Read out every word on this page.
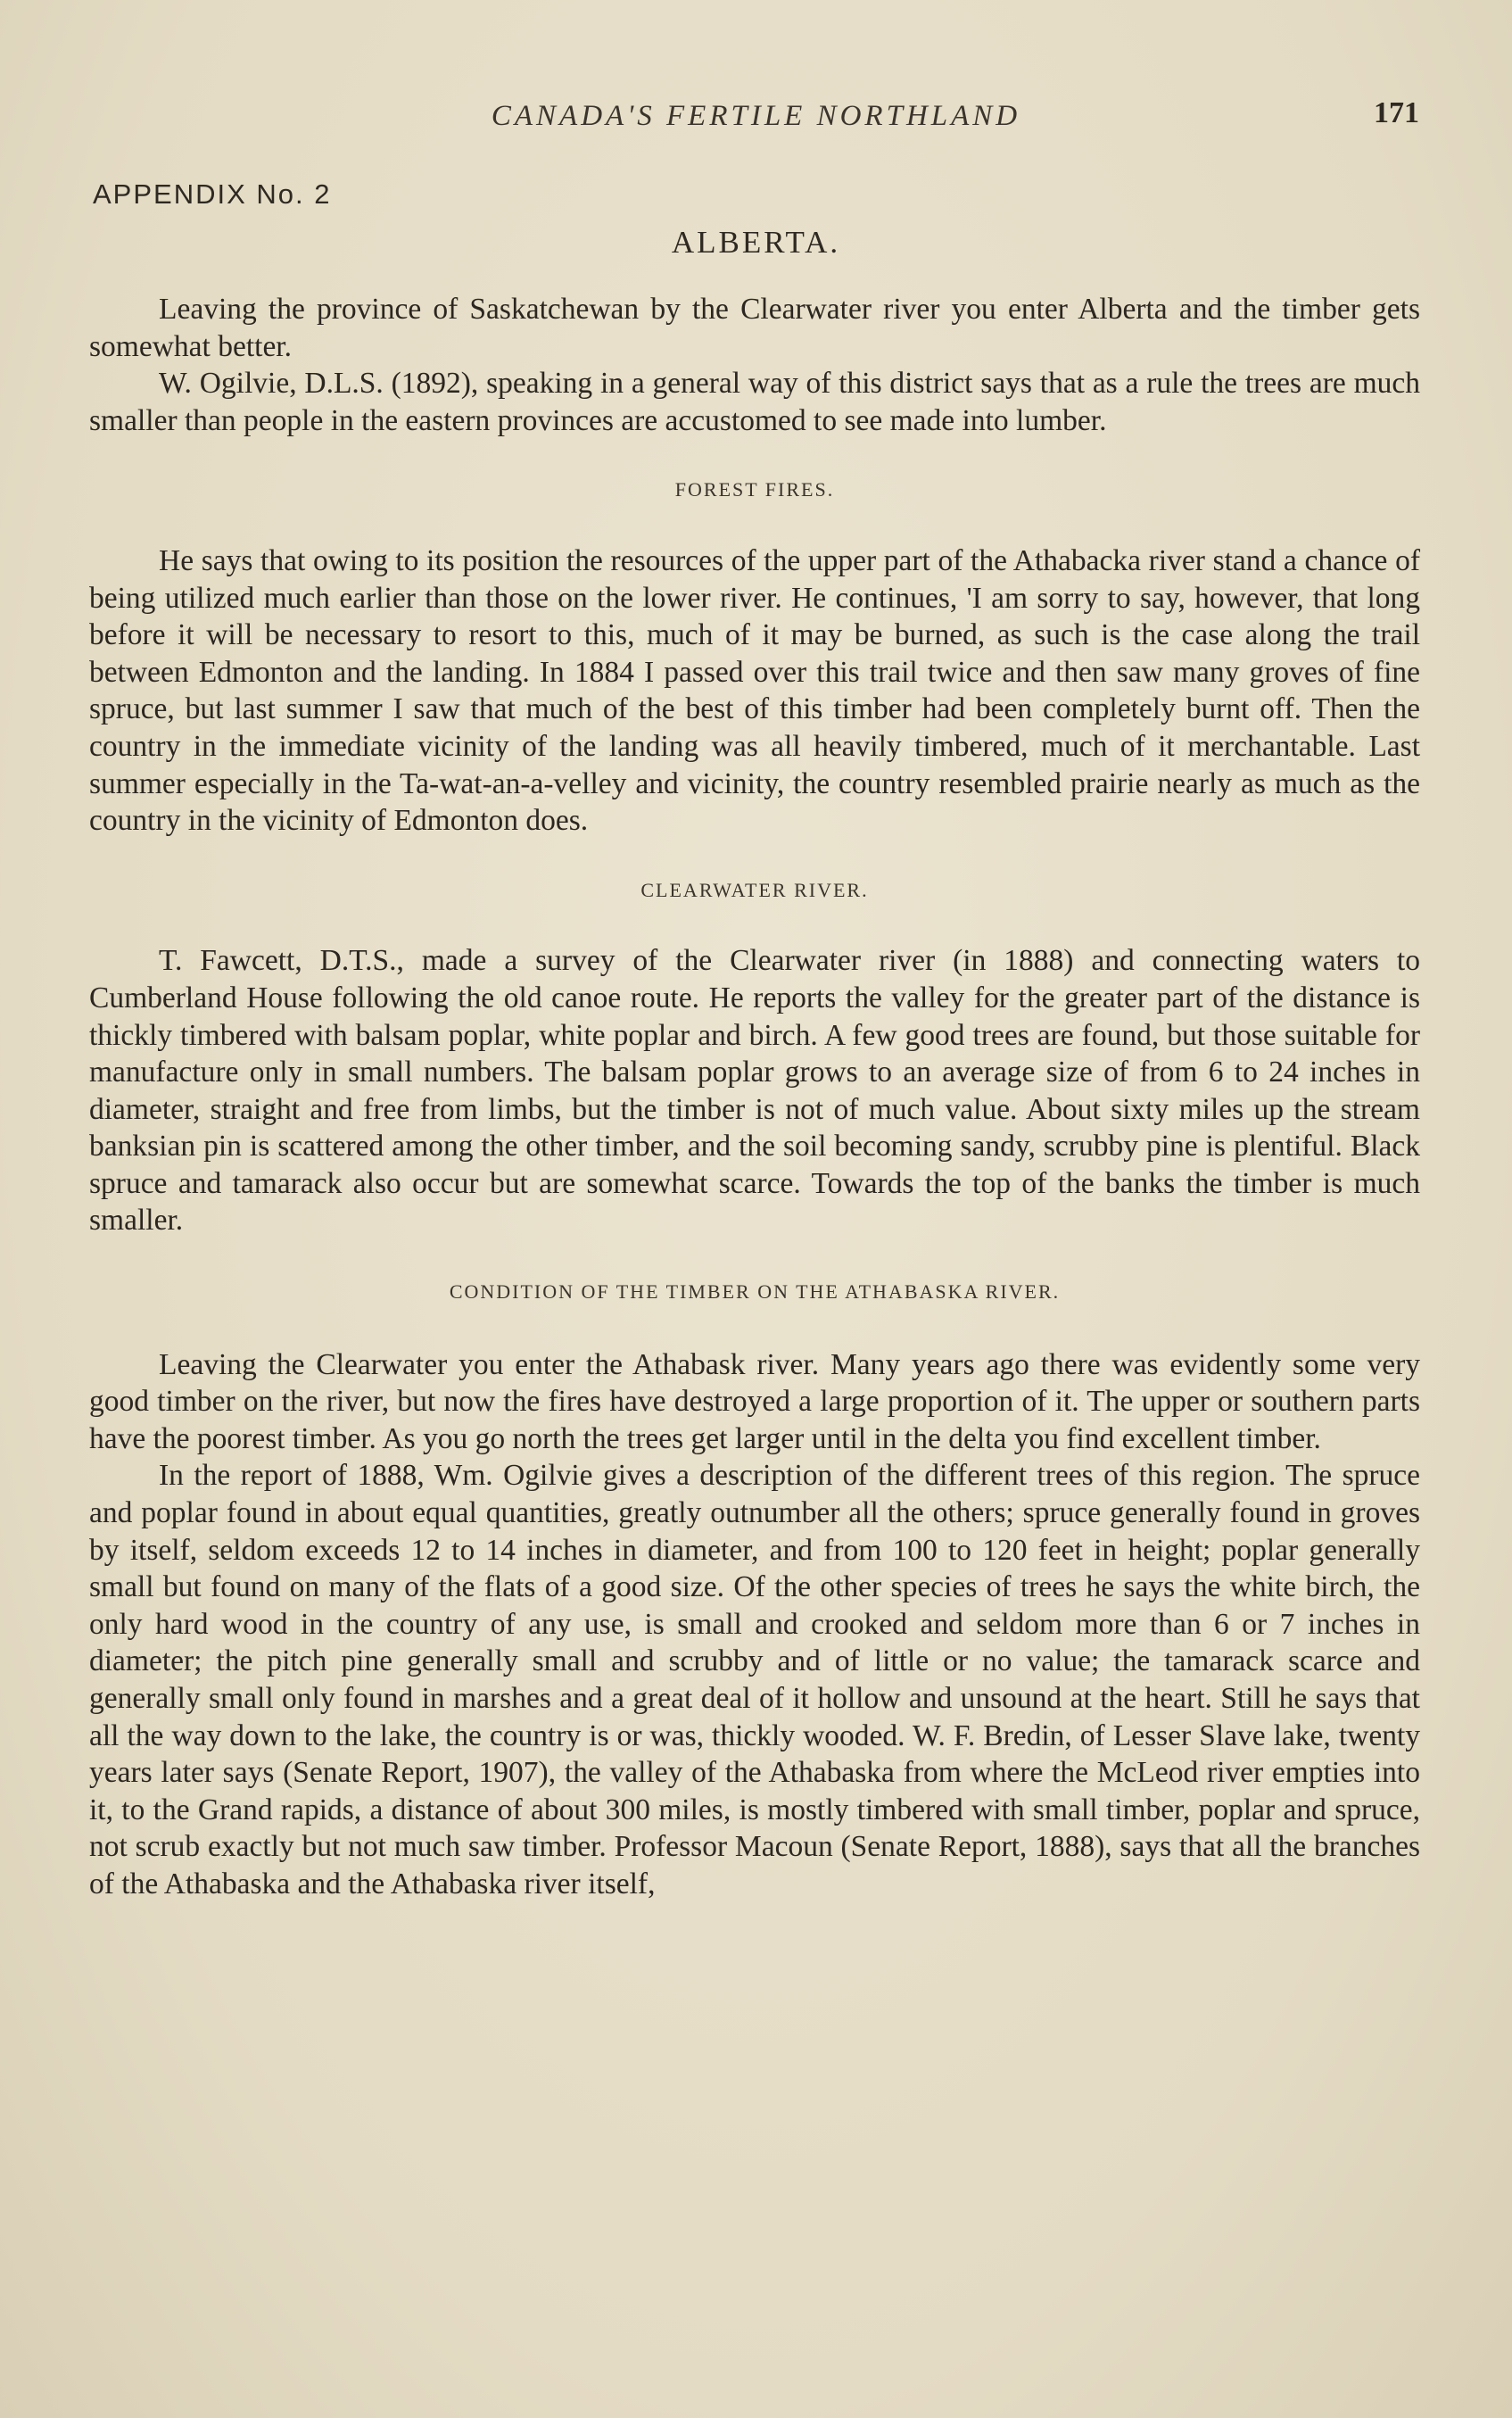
CANADA'S FERTILE NORTHLAND	171
APPENDIX No. 2
ALBERTA.

Leaving the province of Saskatchewan by the Clearwater river you enter Alberta and the timber gets somewhat better.

W. Ogilvie, D.L.S. (1892), speaking in a general way of this district says that as a rule the trees are much smaller than people in the eastern provinces are accustomed to see made into lumber.

FOREST FIRES.

He says that owing to its position the resources of the upper part of the Athabacka river stand a chance of being utilized much earlier than those on the lower river. He continues, 'I am sorry to say, however, that long before it will be necessary to resort to this, much of it may be burned, as such is the case along the trail between Edmonton and the landing. In 1884 I passed over this trail twice and then saw many groves of fine spruce, but last summer I saw that much of the best of this timber had been completely burnt off. Then the country in the immediate vicinity of the landing was all heavily timbered, much of it merchantable. Last summer especially in the Ta-wat-an-a-velley and vicinity, the country resembled prairie nearly as much as the country in the vicinity of Edmonton does.

CLEARWATER RIVER.

T. Fawcett, D.T.S., made a survey of the Clearwater river (in 1888) and connecting waters to Cumberland House following the old canoe route. He reports the valley for the greater part of the distance is thickly timbered with balsam poplar, white poplar and birch. A few good trees are found, but those suitable for manufacture only in small numbers. The balsam poplar grows to an average size of from 6 to 24 inches in diameter, straight and free from limbs, but the timber is not of much value. About sixty miles up the stream banksian pin is scattered among the other timber, and the soil becoming sandy, scrubby pine is plentiful. Black spruce and tamarack also occur but are somewhat scarce. Towards the top of the banks the timber is much smaller.

CONDITION OF THE TIMBER ON THE ATHABASKA RIVER.

Leaving the Clearwater you enter the Athabask river. Many years ago there was evidently some very good timber on the river, but now the fires have destroyed a large proportion of it. The upper or southern parts have the poorest timber. As you go north the trees get larger until in the delta you find excellent timber.

In the report of 1888, Wm. Ogilvie gives a description of the different trees of this region. The spruce and poplar found in about equal quantities, greatly outnumber all the others; spruce generally found in groves by itself, seldom exceeds 12 to 14 inches in diameter, and from 100 to 120 feet in height; poplar generally small but found on many of the flats of a good size. Of the other species of trees he says the white birch, the only hard wood in the country of any use, is small and crooked and seldom more than 6 or 7 inches in diameter; the pitch pine generally small and scrubby and of little or no value; the tamarack scarce and generally small only found in marshes and a great deal of it hollow and unsound at the heart. Still he says that all the way down to the lake, the country is or was, thickly wooded. W. F. Bredin, of Lesser Slave lake, twenty years later says (Senate Report, 1907), the valley of the Athabaska from where the McLeod river empties into it, to the Grand rapids, a distance of about 300 miles, is mostly timbered with small timber, poplar and spruce, not scrub exactly but not much saw timber. Professor Macoun (Senate Report, 1888), says that all the branches of the Athabaska and the Athabaska river itself,
